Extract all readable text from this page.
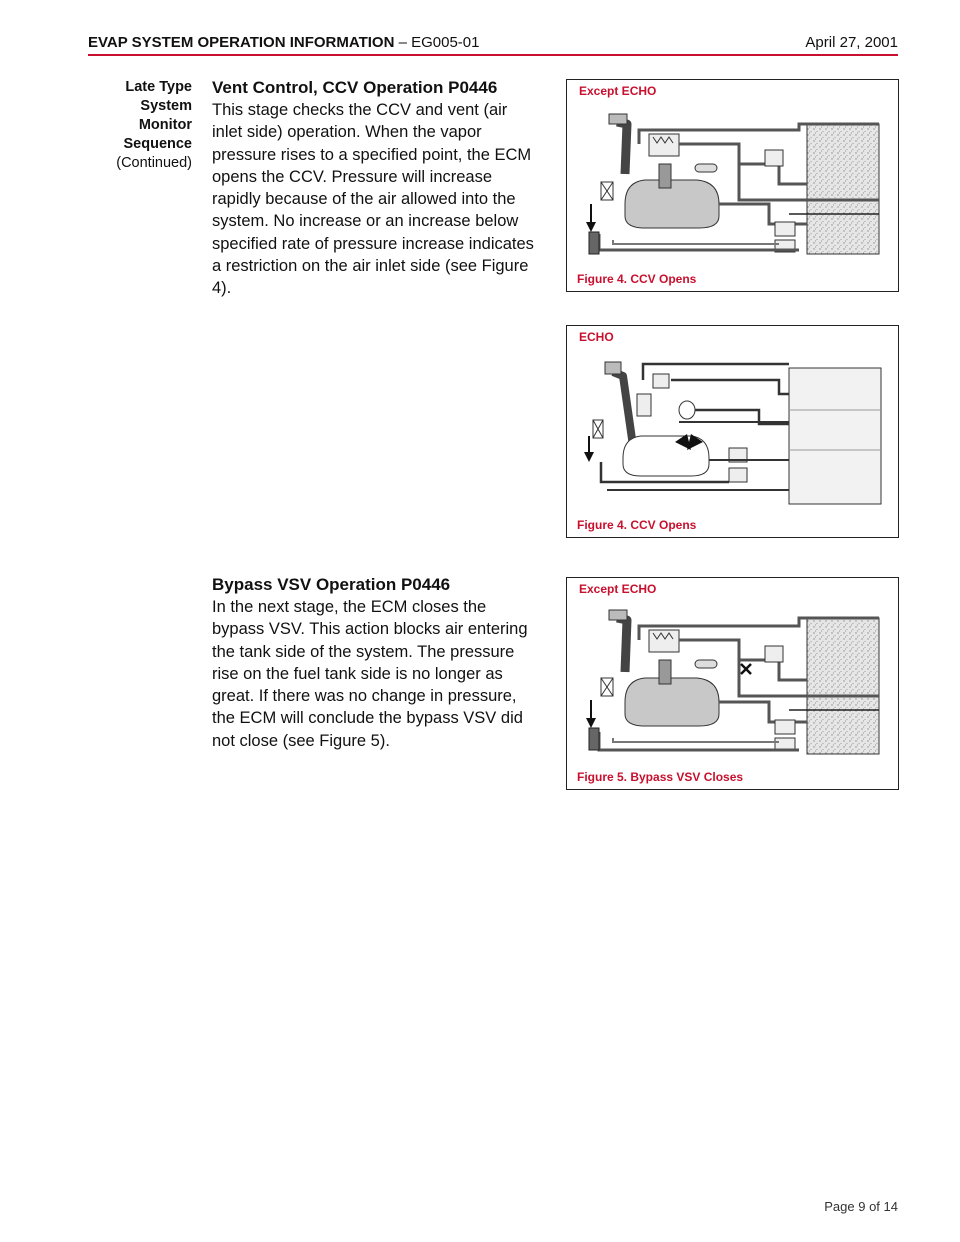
EVAP SYSTEM OPERATION INFORMATION – EG005-01	April 27, 2001
Late Type
System
Monitor
Sequence
(Continued)
Vent Control, CCV Operation P0446

This stage checks the CCV and vent (air inlet side) operation. When the vapor pressure rises to a specified point, the ECM opens the CCV. Pressure will increase rapidly because of the air allowed into the system. No increase or an increase below specified rate of pressure increase indicates a restriction on the air inlet side (see Figure 4).

Bypass VSV Operation P0446

In the next stage, the ECM closes the bypass VSV. This action blocks air entering the tank side of the system. The pressure rise on the fuel tank side is no longer as great. If there was no change in pressure, the ECM will conclude the bypass VSV did not close (see Figure 5).

Except ECHO
Figure 4. CCV Opens
ECHO
Figure 4. CCV Opens
Except ECHO
Figure 5. Bypass VSV Closes
Page 9 of 14
